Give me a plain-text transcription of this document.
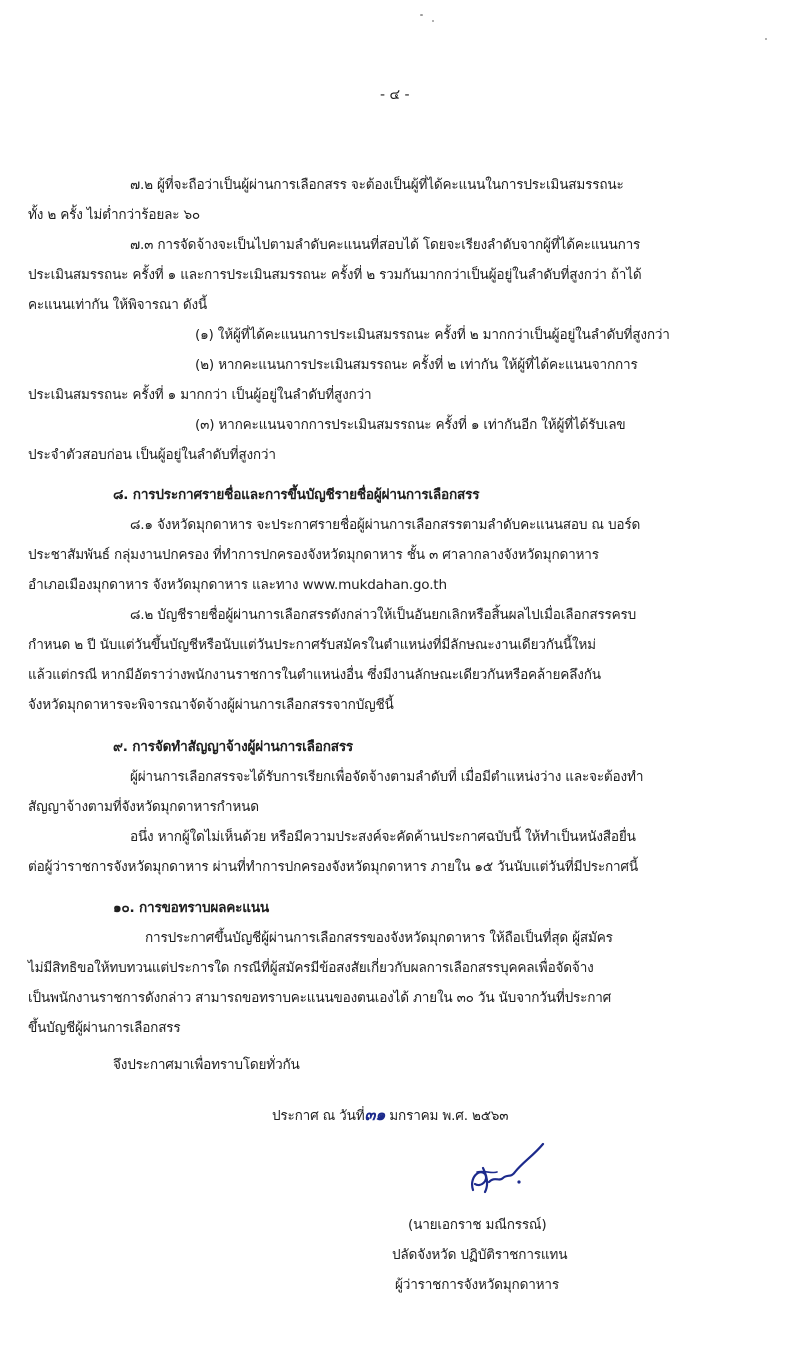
- ๔ -
๗.๒ ผู้ที่จะถือว่าเป็นผู้ผ่านการเลือกสรร จะต้องเป็นผู้ที่ได้คะแนนในการประเมินสมรรถนะ
ทั้ง ๒ ครั้ง ไม่ต่ำกว่าร้อยละ ๖๐
๗.๓ การจัดจ้างจะเป็นไปตามลำดับคะแนนที่สอบได้ โดยจะเรียงลำดับจากผู้ที่ได้คะแนนการ
ประเมินสมรรถนะ ครั้งที่ ๑ และการประเมินสมรรถนะ ครั้งที่ ๒ รวมกันมากกว่าเป็นผู้อยู่ในลำดับที่สูงกว่า ถ้าได้
คะแนนเท่ากัน ให้พิจารณา ดังนี้
(๑) ให้ผู้ที่ได้คะแนนการประเมินสมรรถนะ ครั้งที่ ๒ มากกว่าเป็นผู้อยู่ในลำดับที่สูงกว่า
(๒) หากคะแนนการประเมินสมรรถนะ ครั้งที่ ๒ เท่ากัน ให้ผู้ที่ได้คะแนนจากการ
ประเมินสมรรถนะ ครั้งที่ ๑ มากกว่า เป็นผู้อยู่ในลำดับที่สูงกว่า
(๓) หากคะแนนจากการประเมินสมรรถนะ ครั้งที่ ๑ เท่ากันอีก ให้ผู้ที่ได้รับเลข
ประจำตัวสอบก่อน เป็นผู้อยู่ในลำดับที่สูงกว่า
๘. การประกาศรายชื่อและการขึ้นบัญชีรายชื่อผู้ผ่านการเลือกสรร
๘.๑ จังหวัดมุกดาหาร จะประกาศรายชื่อผู้ผ่านการเลือกสรรตามลำดับคะแนนสอบ ณ บอร์ด
ประชาสัมพันธ์ กลุ่มงานปกครอง ที่ทำการปกครองจังหวัดมุกดาหาร ชั้น ๓ ศาลากลางจังหวัดมุกดาหาร
อำเภอเมืองมุกดาหาร จังหวัดมุกดาหาร และทาง www.mukdahan.go.th
๘.๒ บัญชีรายชื่อผู้ผ่านการเลือกสรรดังกล่าวให้เป็นอันยกเลิกหรือสิ้นผลไปเมื่อเลือกสรรครบ
กำหนด ๒ ปี นับแต่วันขึ้นบัญชีหรือนับแต่วันประกาศรับสมัครในตำแหน่งที่มีลักษณะงานเดียวกันนี้ใหม่
แล้วแต่กรณี หากมีอัตราว่างพนักงานราชการในตำแหน่งอื่น ซึ่งมีงานลักษณะเดียวกันหรือคล้ายคลึงกัน
จังหวัดมุกดาหารจะพิจารณาจัดจ้างผู้ผ่านการเลือกสรรจากบัญชีนี้
๙. การจัดทำสัญญาจ้างผู้ผ่านการเลือกสรร
ผู้ผ่านการเลือกสรรจะได้รับการเรียกเพื่อจัดจ้างตามลำดับที่ เมื่อมีตำแหน่งว่าง และจะต้องทำ
สัญญาจ้างตามที่จังหวัดมุกดาหารกำหนด
อนึ่ง หากผู้ใดไม่เห็นด้วย หรือมีความประสงค์จะคัดค้านประกาศฉบับนี้ ให้ทำเป็นหนังสือยื่น
ต่อผู้ว่าราชการจังหวัดมุกดาหาร ผ่านที่ทำการปกครองจังหวัดมุกดาหาร ภายใน ๑๕ วันนับแต่วันที่มีประกาศนี้
๑๐. การขอทราบผลคะแนน
การประกาศขึ้นบัญชีผู้ผ่านการเลือกสรรของจังหวัดมุกดาหาร ให้ถือเป็นที่สุด ผู้สมัคร
ไม่มีสิทธิขอให้ทบทวนแต่ประการใด กรณีที่ผู้สมัครมีข้อสงสัยเกี่ยวกับผลการเลือกสรรบุคคลเพื่อจัดจ้าง
เป็นพนักงานราชการดังกล่าว สามารถขอทราบคะแนนของตนเองได้ ภายใน ๓๐ วัน นับจากวันที่ประกาศ
ขึ้นบัญชีผู้ผ่านการเลือกสรร
จึงประกาศมาเพื่อทราบโดยทั่วกัน
ประกาศ ณ วันที่๓๑ มกราคม พ.ศ. ๒๕๖๓
(นายเอกราช มณีกรรณ์)
ปลัดจังหวัด ปฏิบัติราชการแทน
ผู้ว่าราชการจังหวัดมุกดาหาร
